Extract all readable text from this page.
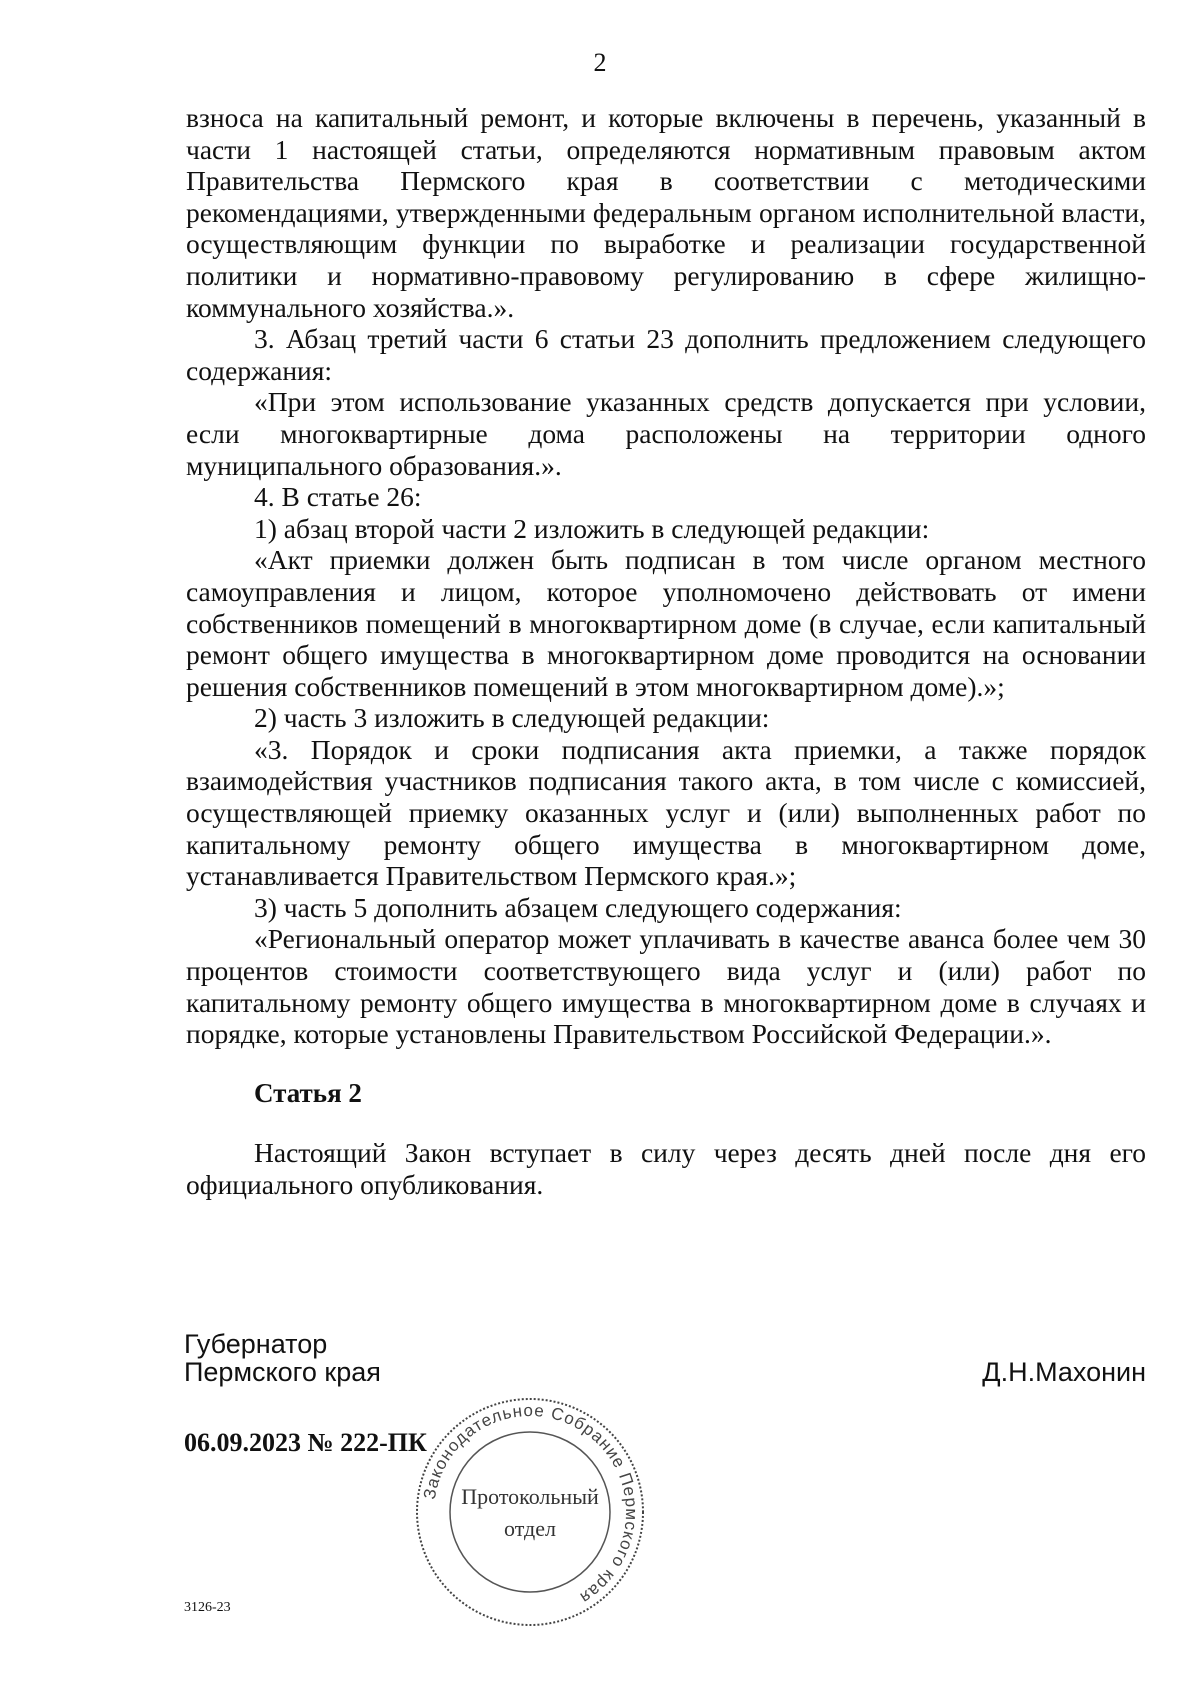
2

взноса на капитальный ремонт, и которые включены в перечень, указанный в части 1 настоящей статьи, определяются нормативным правовым актом Правительства Пермского края в соответствии с методическими рекомендациями, утвержденными федеральным органом исполнительной власти, осуществляющим функции по выработке и реализации государственной политики и нормативно-правовому регулированию в сфере жилищно-коммунального хозяйства.».

3. Абзац третий части 6 статьи 23 дополнить предложением следующего содержания:

«При этом использование указанных средств допускается при условии, если многоквартирные дома расположены на территории одного муниципального образования.».

4. В статье 26:

1) абзац второй части 2 изложить в следующей редакции:

«Акт приемки должен быть подписан в том числе органом местного самоуправления и лицом, которое уполномочено действовать от имени собственников помещений в многоквартирном доме (в случае, если капитальный ремонт общего имущества в многоквартирном доме проводится на основании решения собственников помещений в этом многоквартирном доме).»;

2) часть 3 изложить в следующей редакции:

«3. Порядок и сроки подписания акта приемки, а также порядок взаимодействия участников подписания такого акта, в том числе с комиссией, осуществляющей приемку оказанных услуг и (или) выполненных работ по капитальному ремонту общего имущества в многоквартирном доме, устанавливается Правительством Пермского края.»;

3) часть 5 дополнить абзацем следующего содержания:

«Региональный оператор может уплачивать в качестве аванса более чем 30 процентов стоимости соответствующего вида услуг и (или) работ по капитальному ремонту общего имущества в многоквартирном доме в случаях и порядке, которые установлены Правительством Российской Федерации.».

Статья 2

Настоящий Закон вступает в силу через десять дней после дня его официального опубликования.

Губернатор
Пермского края	Д.Н.Махонин
06.09.2023 № 222-ПК
Законодательное Собрание Пермского края
Протокольный
отдел
3126-23
